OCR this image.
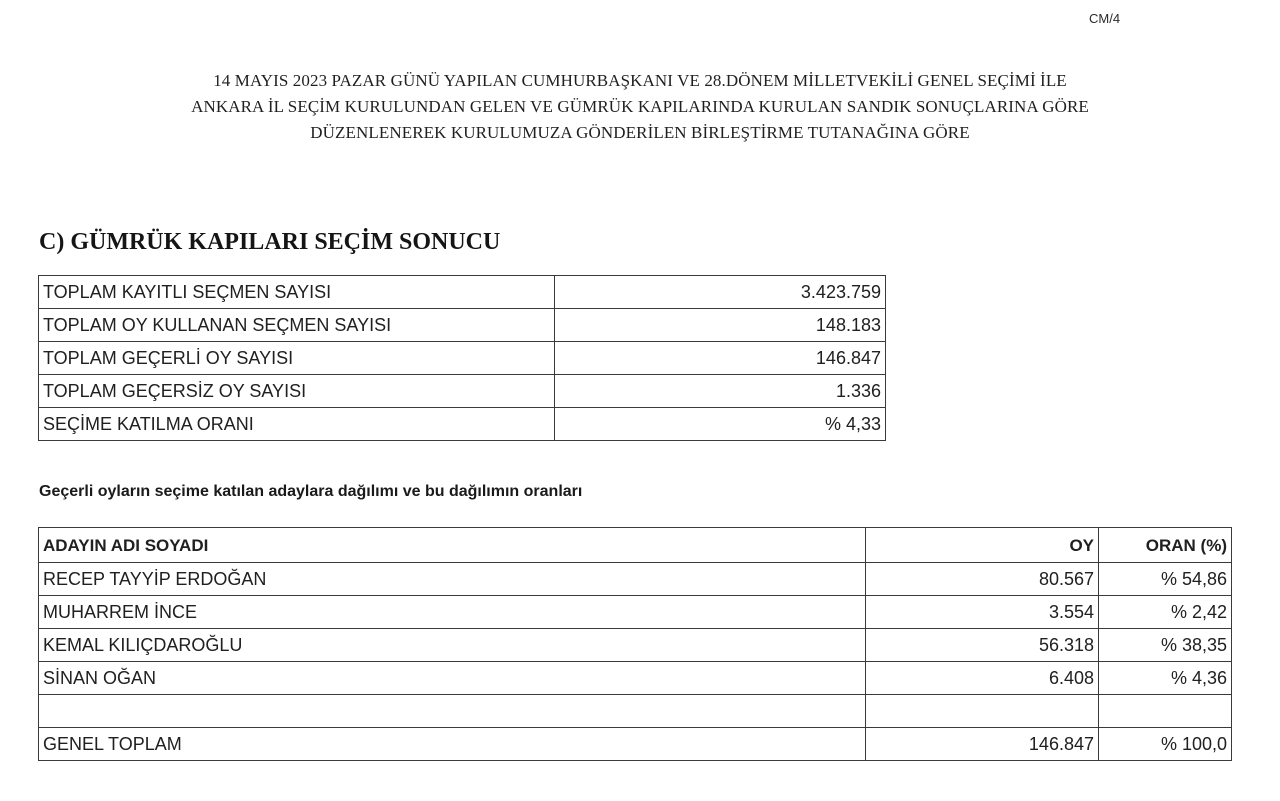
CM/4
14 MAYIS 2023 PAZAR GÜNÜ YAPILAN CUMHURBAŞKANI VE 28.DÖNEM MİLLETVEKİLİ GENEL SEÇİMİ İLE
ANKARA İL SEÇİM KURULUNDAN GELEN VE GÜMRÜK KAPILARINDA KURULAN SANDIK SONUÇLARINA GÖRE
DÜZENLENEREK KURULUMUZA GÖNDERİLEN BİRLEŞTİRME TUTANAĞINA GÖRE
C) GÜMRÜK KAPILARI SEÇİM SONUCU
TOPLAM KAYITLI SEÇMEN SAYISI	3.423.759
TOPLAM OY KULLANAN SEÇMEN SAYISI	148.183
TOPLAM GEÇERLİ OY SAYISI	146.847
TOPLAM GEÇERSİZ OY SAYISI	1.336
SEÇİME KATILMA ORANI	% 4,33
Geçerli oyların seçime katılan adaylara dağılımı ve bu dağılımın oranları
ADAYIN ADI SOYADI	OY	ORAN (%)
RECEP TAYYİP ERDOĞAN	80.567	% 54,86
MUHARREM İNCE	3.554	% 2,42
KEMAL KILIÇDAROĞLU	56.318	% 38,35
SİNAN OĞAN	6.408	% 4,36

GENEL TOPLAM	146.847	% 100,0
